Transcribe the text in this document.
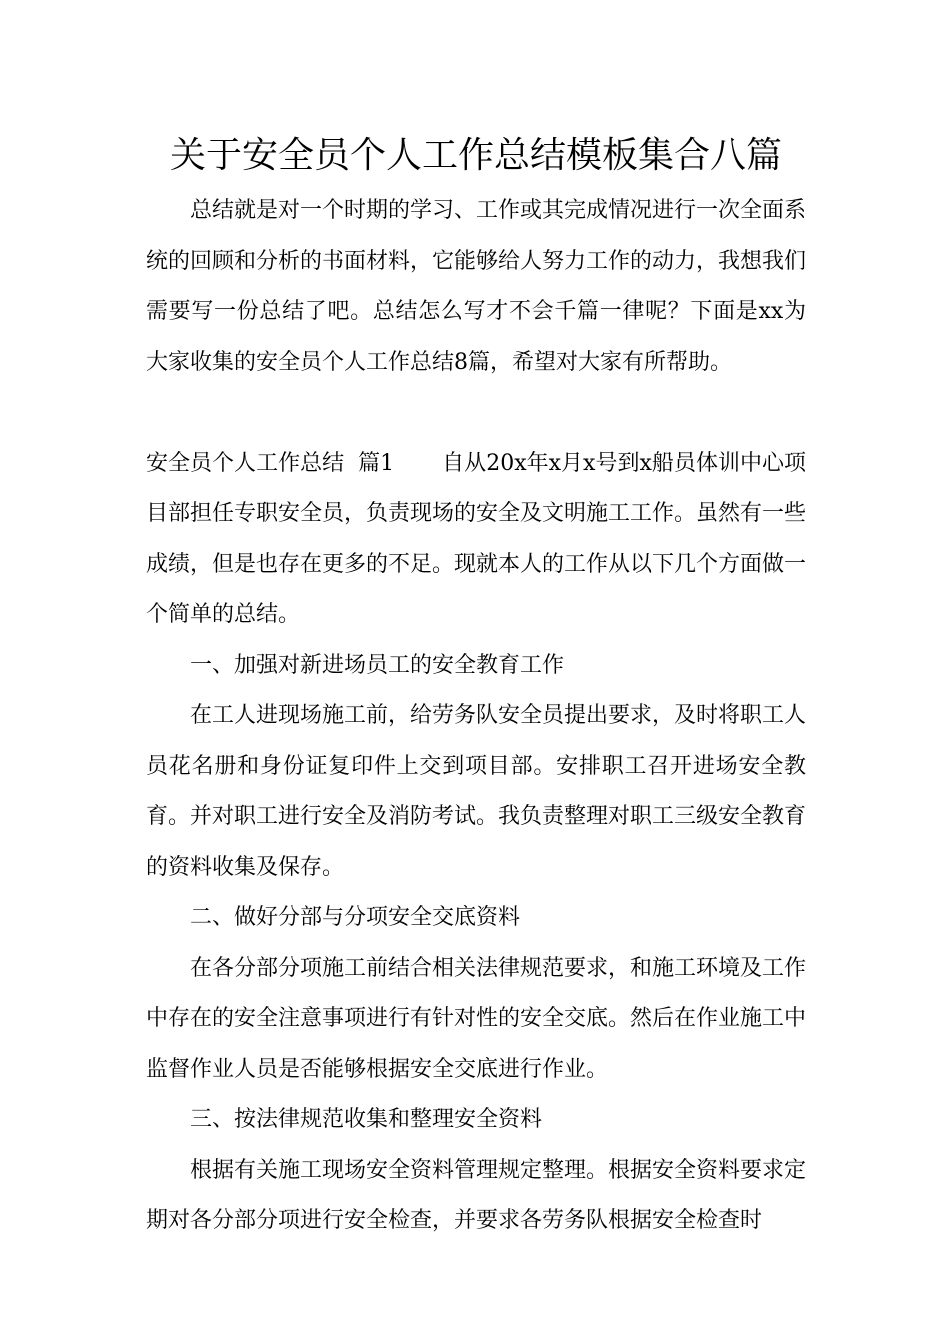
关于安全员个人工作总结模板集合八篇

总结就是对一个时期的学习、工作或其完成情况进行一次全面系统的回顾和分析的书面材料，它能够给人努力工作的动力，我想我们需要写一份总结了吧。总结怎么写才不会千篇一律呢？下面是xx为大家收集的安全员个人工作总结8篇，希望对大家有所帮助。

安全员个人工作总结  篇1 自从20x年x月x号到x船员体训中心项目部担任专职安全员，负责现场的安全及文明施工工作。虽然有一些成绩，但是也存在更多的不足。现就本人的工作从以下几个方面做一个简单的总结。

一、加强对新进场员工的安全教育工作

在工人进现场施工前，给劳务队安全员提出要求，及时将职工人员花名册和身份证复印件上交到项目部。安排职工召开进场安全教育。并对职工进行安全及消防考试。我负责整理对职工三级安全教育的资料收集及保存。

二、做好分部与分项安全交底资料

在各分部分项施工前结合相关法律规范要求，和施工环境及工作中存在的安全注意事项进行有针对性的安全交底。然后在作业施工中监督作业人员是否能够根据安全交底进行作业。

三、按法律规范收集和整理安全资料

根据有关施工现场安全资料管理规定整理。根据安全资料要求定期对各分部分项进行安全检查，并要求各劳务队根据安全检查时
